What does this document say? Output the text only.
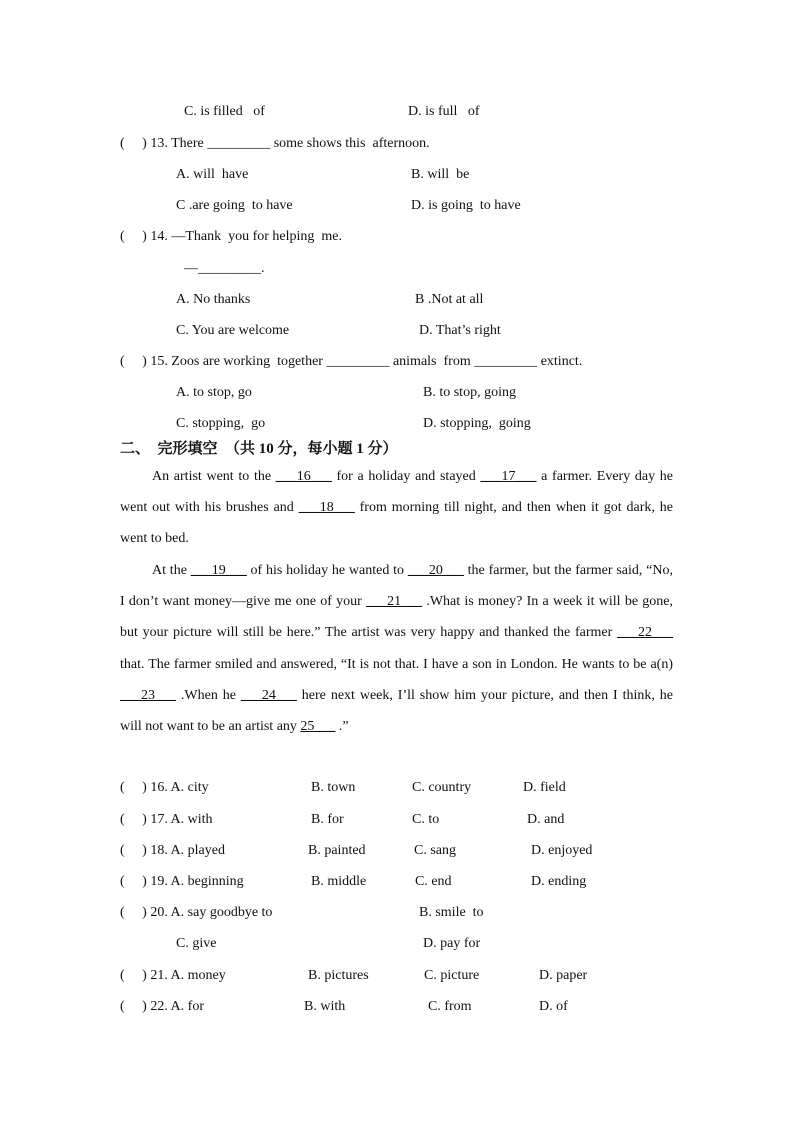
C. is filled   of	D. is full   of
(     ) 13. There _________ some shows this  afternoon.
A. will  have	B. will  be
C .are going  to have	D. is going  to have
(     ) 14. —Thank  you for helping  me.
—_________.
A. No thanks	B .Not at all
C. You are welcome	D. That’s right
(     ) 15. Zoos are working  together _________ animals  from _________ extinct.
A. to stop, go	B. to stop, going
C. stopping,  go	D. stopping,  going
二、  完形填空  （共 10 分，每小题 1 分）
An artist went to the ___16___ for a holiday and stayed ___17___ a farmer. Every day he went out with his brushes and ___18___ from morning till night, and then when it got dark, he went to bed.
At the ___19___ of his holiday he wanted to ___20___ the farmer, but the farmer said, “No, I don’t want money—give me one of your ___21___ .What is money? In a week it will be gone, but your picture will still be here.” The artist was very happy and thanked the farmer ___22___ that. The farmer smiled and answered, “It is not that. I have a son in London. He wants to be a(n) ___23___ .When he ___24___ here next week, I’ll show him your picture, and then I think, he will not want to be an artist any 25___ .”
(     ) 16. A. city	B. town	C. country	D. field
(     ) 17. A. with	B. for	C. to	D. and
(     ) 18. A. played	B. painted	C. sang	D. enjoyed
(     ) 19. A. beginning	B. middle	C. end	D. ending
(     ) 20. A. say goodbye to	B. smile  to
C. give	D. pay for
(     ) 21. A. money	B. pictures	C. picture	D. paper
(     ) 22. A. for	B. with	C. from	D. of
